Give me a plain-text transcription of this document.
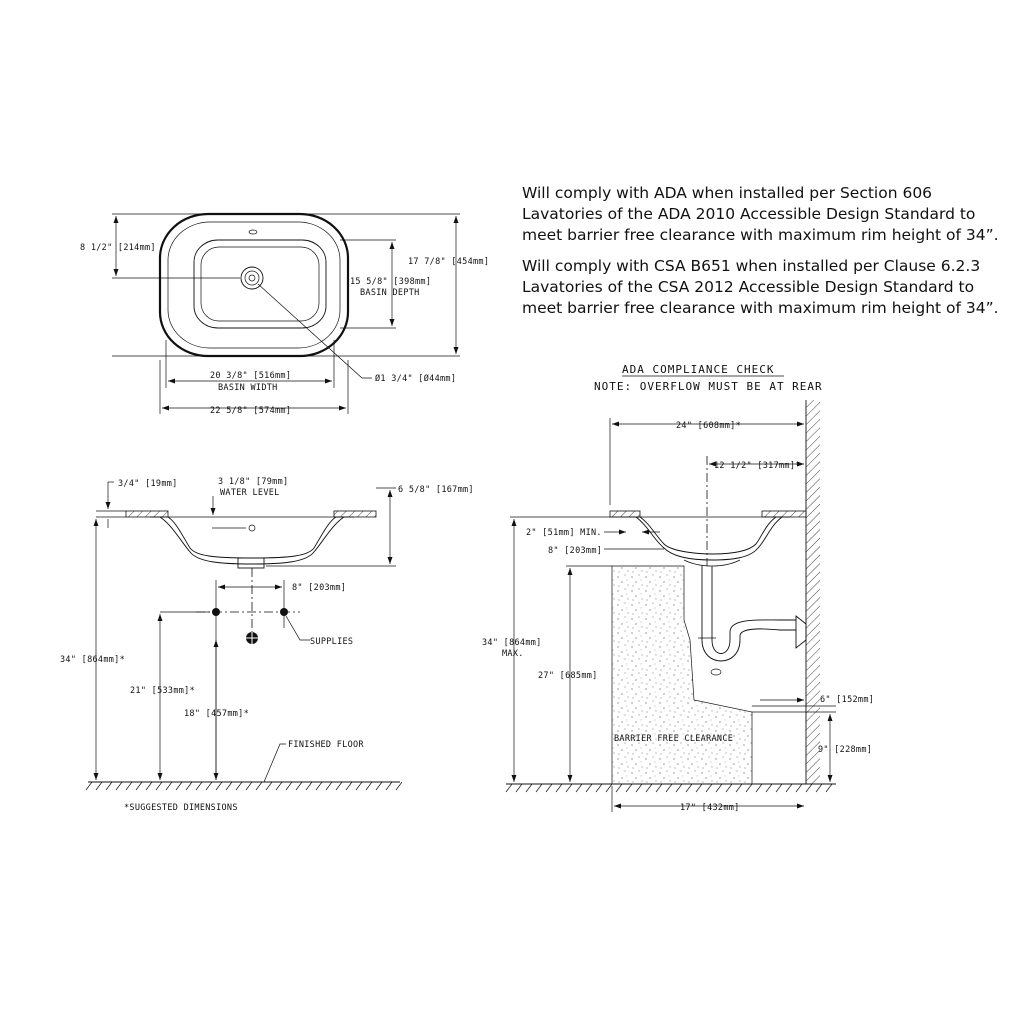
Will comply with ADA when installed per Section 606
Lavatories of the ADA 2010 Accessible Design Standard to
meet barrier free clearance with maximum rim height of 34”.

Will comply with CSA B651 when installed per Clause 6.2.3
Lavatories of the CSA 2012 Accessible Design Standard to
meet barrier free clearance with maximum rim height of 34”.

8 1/2" [214mm]
17 7/8" [454mm]
15 5/8" [398mm]
BASIN DEPTH
Ø1 3/4" [Ø44mm]
20 3/8" [516mm]
BASIN WIDTH
22 5/8" [574mm]
3/4" [19mm]	3 1/8" [79mm]
WATER LEVEL	6 5/8" [167mm]
8" [203mm]
SUPPLIES
34" [864mm]*
21" [533mm]*
18" [457mm]*
FINISHED FLOOR
*SUGGESTED DIMENSIONS
ADA COMPLIANCE CHECK
NOTE: OVERFLOW MUST BE AT REAR
BARRIER FREE CLEARANCE
24" [608mm]*
12 1/2" [317mm]*
2" [51mm] MIN.
8" [203mm]
34" [864mm]
MAX.
27" [685mm]
6" [152mm]
9" [228mm]
17" [432mm]
